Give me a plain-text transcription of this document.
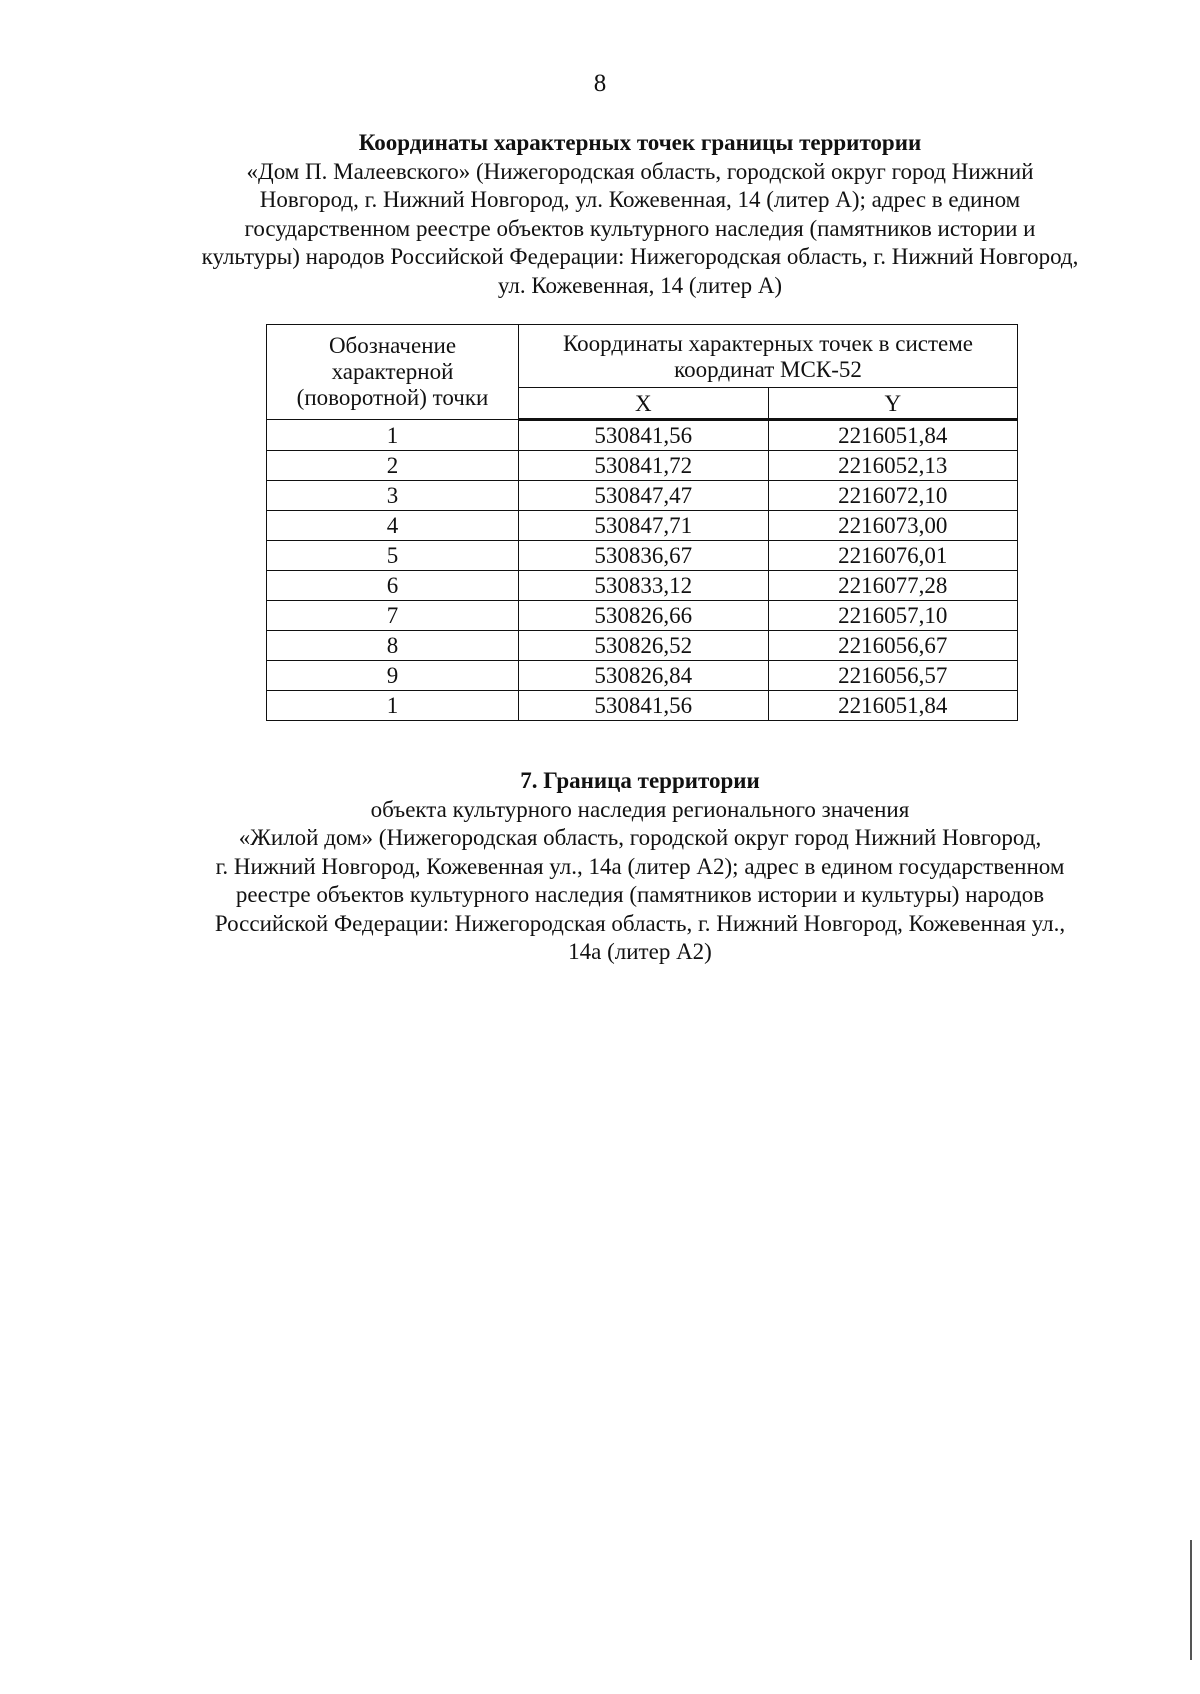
8
Координаты характерных точек границы территории
«Дом П. Малеевского» (Нижегородская область, городской округ город Нижний
Новгород, г. Нижний Новгород, ул. Кожевенная, 14 (литер А); адрес в едином
государственном реестре объектов культурного наследия (памятников истории и
культуры) народов Российской Федерации: Нижегородская область, г. Нижний Новгород,
ул. Кожевенная, 14 (литер А)
Обозначение
характерной
(поворотной) точки	Координаты характерных точек в системе
координат МСК-52	

	X	Y
1	530841,56	2216051,84
2	530841,72	2216052,13
3	530847,47	2216072,10
4	530847,71	2216073,00
5	530836,67	2216076,01
6	530833,12	2216077,28
7	530826,66	2216057,10
8	530826,52	2216056,67
9	530826,84	2216056,57
1	530841,56	2216051,84
7. Граница территории
объекта культурного наследия регионального значения
«Жилой дом» (Нижегородская область, городской округ город Нижний Новгород,
г. Нижний Новгород, Кожевенная ул., 14а (литер А2); адрес в едином государственном
реестре объектов культурного наследия (памятников истории и культуры) народов
Российской Федерации: Нижегородская область, г. Нижний Новгород, Кожевенная ул.,
14а (литер А2)
